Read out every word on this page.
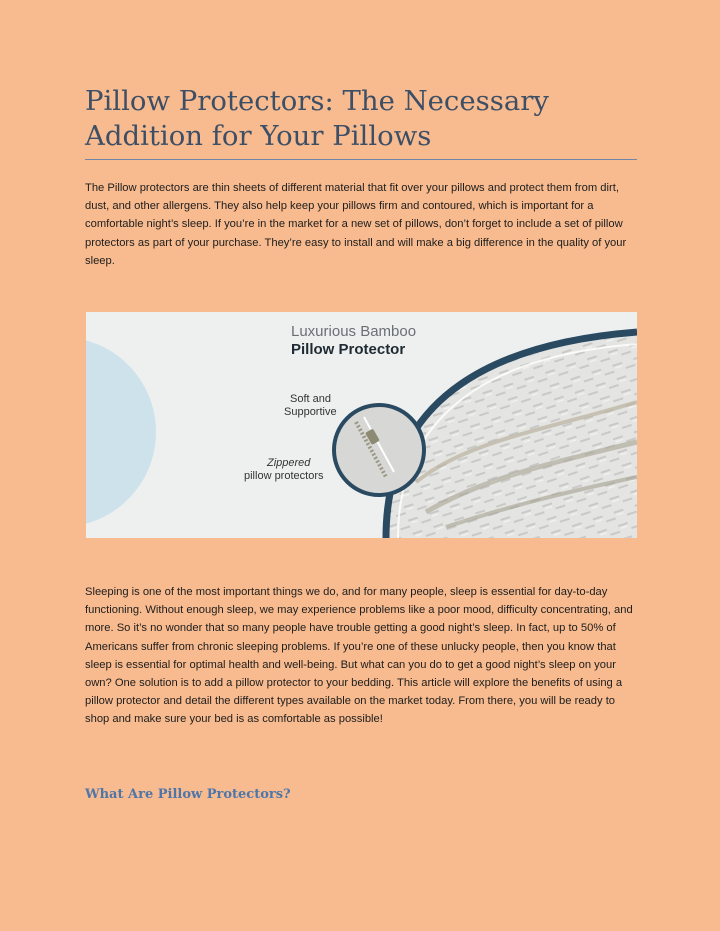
Pillow Protectors: The Necessary
Addition for Your Pillows

The Pillow protectors are thin sheets of different material that fit over your pillows and protect them from dirt, dust, and other allergens. They also help keep your pillows firm and contoured, which is important for a comfortable night’s sleep. If you’re in the market for a new set of pillows, don’t forget to include a set of pillow protectors as part of your purchase. They’re easy to install and will make a big difference in the quality of your sleep.

Luxurious Bamboo
Pillow Protector
Soft and
Supportive
Zippered
pillow protectors

Sleeping is one of the most important things we do, and for many people, sleep is essential for day-to-day functioning. Without enough sleep, we may experience problems like a poor mood, difficulty concentrating, and more. So it’s no wonder that so many people have trouble getting a good night’s sleep. In fact, up to 50% of Americans suffer from chronic sleeping problems. If you’re one of these unlucky people, then you know that sleep is essential for optimal health and well-being. But what can you do to get a good night’s sleep on your own? One solution is to add a pillow protector to your bedding. This article will explore the benefits of using a pillow protector and detail the different types available on the market today. From there, you will be ready to shop and make sure your bed is as comfortable as possible!

What Are Pillow Protectors?
